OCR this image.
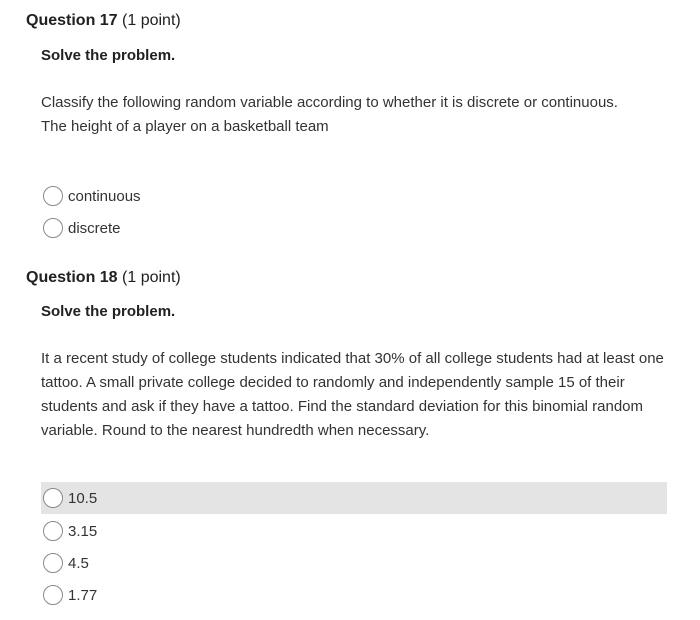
Question 17 (1 point)
Solve the problem.

Classify the following random variable according to whether it is discrete or continuous.

The height of a player on a basketball team

continuous
discrete
Question 18 (1 point)
Solve the problem.

It a recent study of college students indicated that 30% of all college students had at least one tattoo. A small private college decided to randomly and independently sample 15 of their students and ask if they have a tattoo. Find the standard deviation for this binomial random variable. Round to the nearest hundredth when necessary.

10.5
3.15
4.5
1.77
